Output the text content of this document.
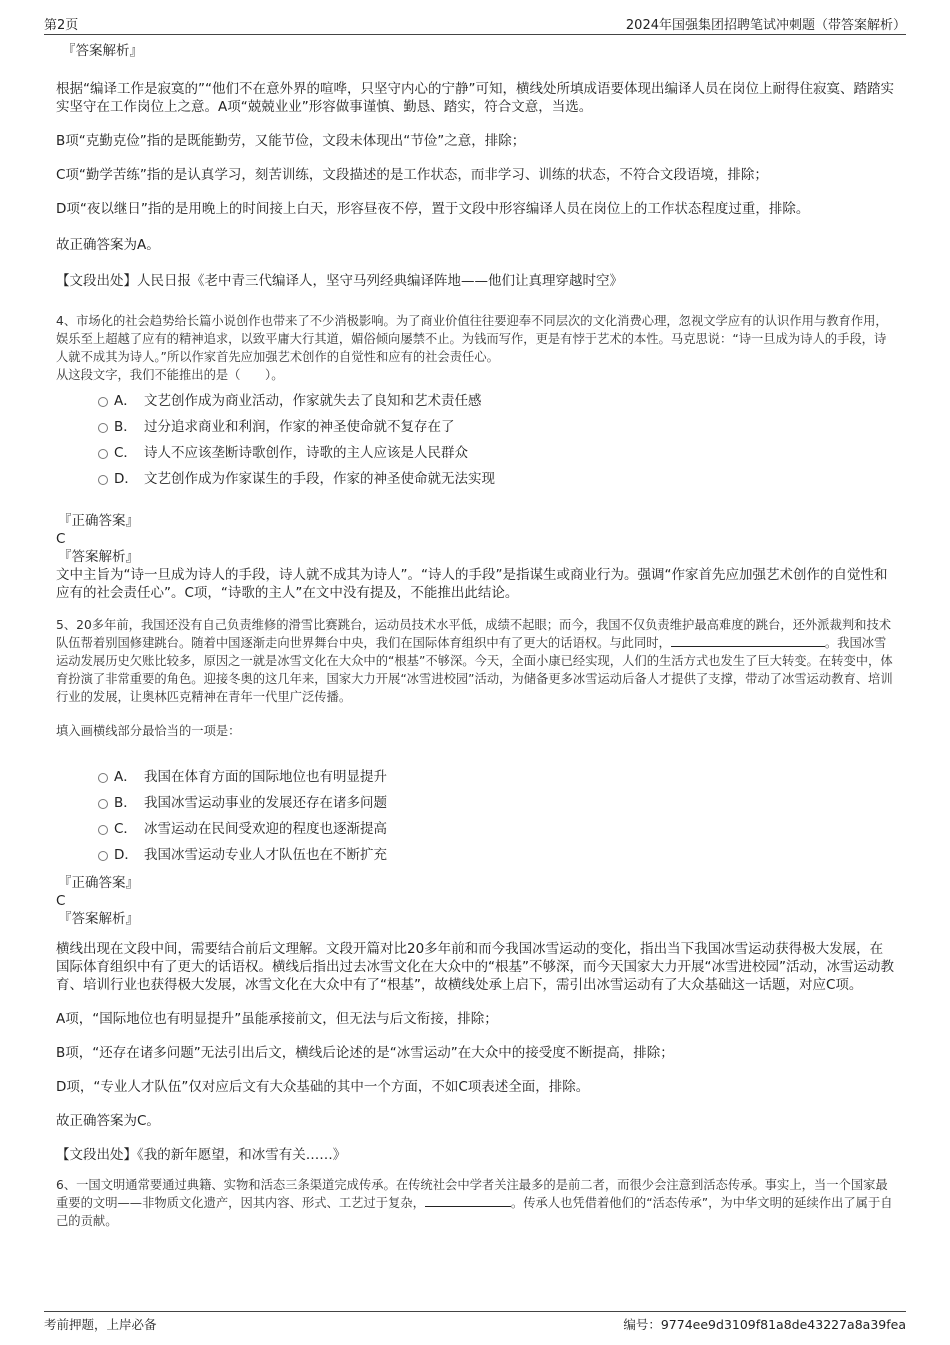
第2页	2024年国强集团招聘笔试冲刺题（带答案解析）

『答案解析』

根据“编译工作是寂寞的”“他们不在意外界的喧哗，只坚守内心的宁静”可知，横线处所填成语要体现出编译人员在岗位上耐得住寂寞、踏踏实实坚守在工作岗位上之意。A项“兢兢业业”形容做事谨慎、勤恳、踏实，符合文意，当选。

B项“克勤克俭”指的是既能勤劳，又能节俭，文段未体现出“节俭”之意，排除；

C项“勤学苦练”指的是认真学习，刻苦训练，文段描述的是工作状态，而非学习、训练的状态，不符合文段语境，排除；

D项“夜以继日”指的是用晚上的时间接上白天，形容昼夜不停，置于文段中形容编译人员在岗位上的工作状态程度过重，排除。

故正确答案为A。

【文段出处】人民日报《老中青三代编译人，坚守马列经典编译阵地——他们让真理穿越时空》

4、市场化的社会趋势给长篇小说创作也带来了不少消极影响。为了商业价值往往要迎奉不同层次的文化消费心理，忽视文学应有的认识作用与教育作用，娱乐至上超越了应有的精神追求，以致平庸大行其道，媚俗倾向屡禁不止。为钱而写作，更是有悖于艺术的本性。马克思说：“诗一旦成为诗人的手段，诗人就不成其为诗人。”所以作家首先应加强艺术创作的自觉性和应有的社会责任心。

从这段文字，我们不能推出的是（　　）。

A． 文艺创作成为商业活动，作家就失去了良知和艺术责任感
B． 过分追求商业和利润，作家的神圣使命就不复存在了
C． 诗人不应该垄断诗歌创作，诗歌的主人应该是人民群众
D． 文艺创作成为作家谋生的手段，作家的神圣使命就无法实现

『正确答案』

C

『答案解析』

文中主旨为“诗一旦成为诗人的手段，诗人就不成其为诗人”。“诗人的手段”是指谋生或商业行为。强调“作家首先应加强艺术创作的自觉性和应有的社会责任心”。C项，“诗歌的主人”在文中没有提及，不能推出此结论。

5、20多年前，我国还没有自己负责维修的滑雪比赛跳台，运动员技术水平低，成绩不起眼；而今，我国不仅负责维护最高难度的跳台，还外派裁判和技术队伍帮着别国修建跳台。随着中国逐渐走向世界舞台中央，我们在国际体育组织中有了更大的话语权。与此同时，	。我国冰雪运动发展历史欠账比较多，原因之一就是冰雪文化在大众中的“根基”不够深。今天，全面小康已经实现，人们的生活方式也发生了巨大转变。在转变中，体育扮演了非常重要的角色。迎接冬奥的这几年来，国家大力开展“冰雪进校园”活动，为储备更多冰雪运动后备人才提供了支撑，带动了冰雪运动教育、培训行业的发展，让奥林匹克精神在青年一代里广泛传播。

填入画横线部分最恰当的一项是：

A． 我国在体育方面的国际地位也有明显提升
B． 我国冰雪运动事业的发展还存在诸多问题
C． 冰雪运动在民间受欢迎的程度也逐渐提高
D． 我国冰雪运动专业人才队伍也在不断扩充

『正确答案』

C

『答案解析』

横线出现在文段中间，需要结合前后文理解。文段开篇对比20多年前和而今我国冰雪运动的变化，指出当下我国冰雪运动获得极大发展，在国际体育组织中有了更大的话语权。横线后指出过去冰雪文化在大众中的“根基”不够深，而今天国家大力开展“冰雪进校园”活动，冰雪运动教育、培训行业也获得极大发展，冰雪文化在大众中有了“根基”，故横线处承上启下，需引出冰雪运动有了大众基础这一话题，对应C项。

A项，“国际地位也有明显提升”虽能承接前文，但无法与后文衔接，排除；

B项，“还存在诸多问题”无法引出后文，横线后论述的是“冰雪运动”在大众中的接受度不断提高，排除；

D项，“专业人才队伍”仅对应后文有大众基础的其中一个方面，不如C项表述全面，排除。

故正确答案为C。

【文段出处】《我的新年愿望，和冰雪有关……》

6、一国文明通常要通过典籍、实物和活态三条渠道完成传承。在传统社会中学者关注最多的是前二者，而很少会注意到活态传承。事实上，当一个国家最重要的文明——非物质文化遗产，因其内容、形式、工艺过于复杂，	。传承人也凭借着他们的“活态传承”，为中华文明的延续作出了属于自己的贡献。

考前押题，上岸必备	编号：9774ee9d3109f81a8de43227a8a39fea
